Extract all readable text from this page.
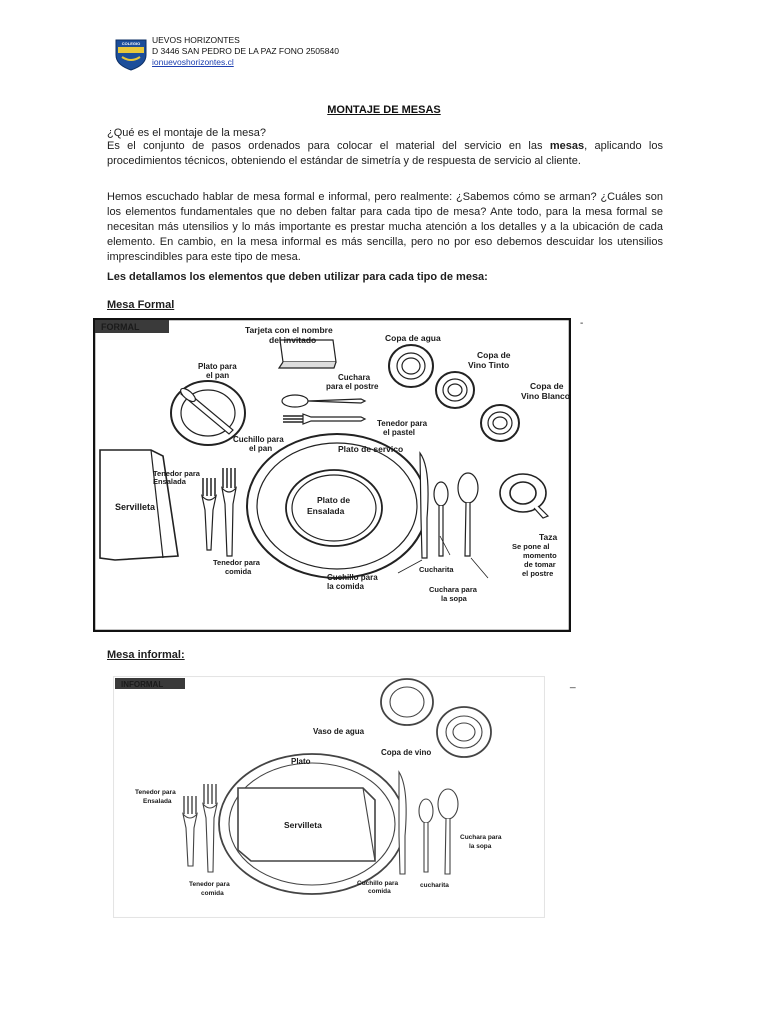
COLEGIO UEVOS HORIZONTES
D 3446 SAN PEDRO DE LA PAZ FONO 2505840
ionuevoshorizontes.cl
MONTAJE DE MESAS
¿Qué es el montaje de la mesa?
Es el conjunto de pasos ordenados para colocar el material del servicio en las mesas, aplicando los procedimientos técnicos, obteniendo el estándar de simetría y de respuesta de servicio al cliente.
Hemos escuchado hablar de mesa formal e informal, pero realmente: ¿Sabemos cómo se arman? ¿Cuáles son los elementos fundamentales que no deben faltar para cada tipo de mesa? Ante todo, para la mesa formal se necesitan más utensilios y lo más importante es prestar mucha atención a los detalles y a la ubicación de cada elemento. En cambio, en la mesa informal es más sencilla, pero no por eso debemos descuidar los utensilios imprescindibles para este tipo de mesa.
Les detallamos los elementos que deben utilizar para cada tipo de mesa:
Mesa Formal
FORMAL	Tarjeta con el nombre
del invitado	Copa de agua
Copa de
Vino Tinto
Copa de
Vino Blanco
Plato para
el pan	Cuchara
para el postre
Tenedor para
el pastel
Cuchillo para
el pan	Plato de servico
Servilleta
Tenedor para
Ensalada
Plato de
Ensalada
Taza
Se pone al
momento
de tomar
el postre
Tenedor para
comida	Cucharita
Cuchillo para
la comida	Cuchara para
la sopa
-
Mesa informal:
INFORMAL
Vaso de agua
Copa de vino
Plato
Tenedor para
Ensalada
Servilleta
Cuchara para
la sopa
Tenedor para
comida
Cuchillo para
comida
cucharita
_
